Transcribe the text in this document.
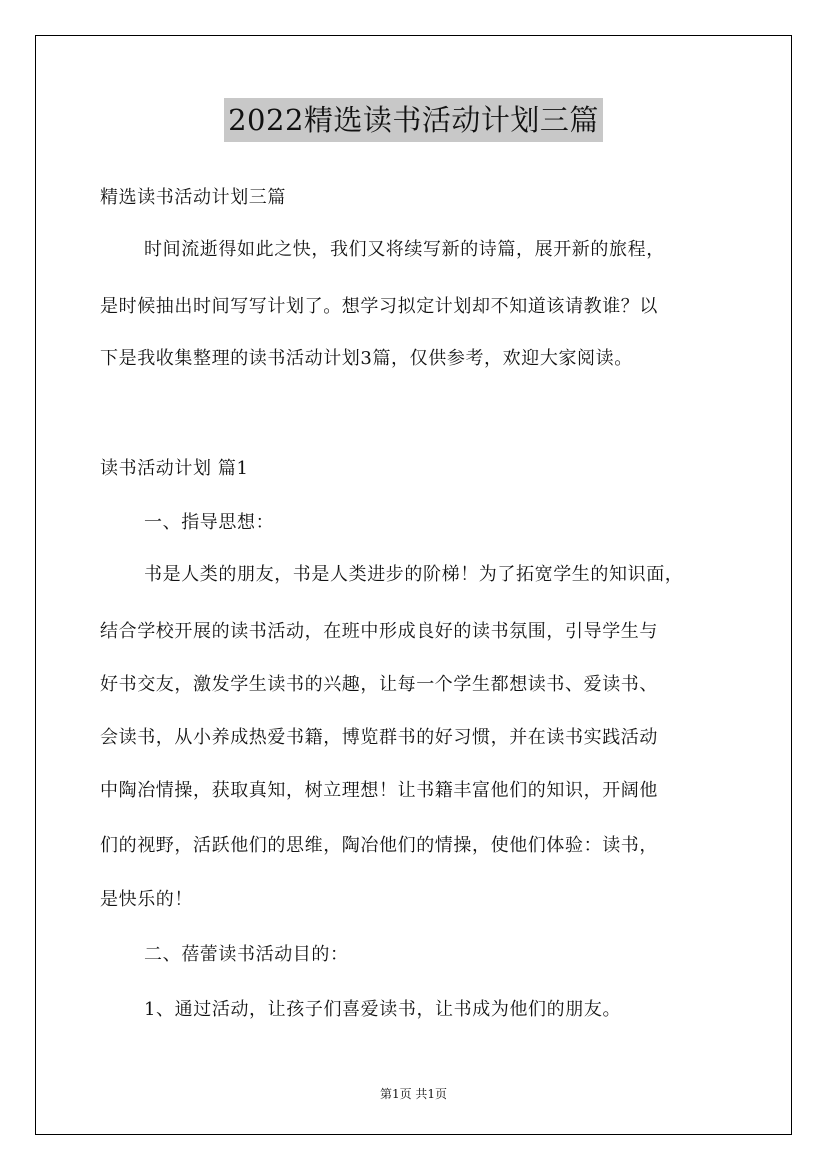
2022精选读书活动计划三篇
精选读书活动计划三篇
时间流逝得如此之快，我们又将续写新的诗篇，展开新的旅程，
是时候抽出时间写写计划了。想学习拟定计划却不知道该请教谁？以
下是我收集整理的读书活动计划3篇，仅供参考，欢迎大家阅读。
读书活动计划 篇1
一、指导思想：
书是人类的朋友，书是人类进步的阶梯！为了拓宽学生的知识面，
结合学校开展的读书活动，在班中形成良好的读书氛围，引导学生与
好书交友，激发学生读书的兴趣，让每一个学生都想读书、爱读书、
会读书，从小养成热爱书籍，博览群书的好习惯，并在读书实践活动
中陶冶情操，获取真知，树立理想！让书籍丰富他们的知识，开阔他
们的视野，活跃他们的思维，陶冶他们的情操，使他们体验：读书，
是快乐的！
二、蓓蕾读书活动目的：
1、通过活动，让孩子们喜爱读书，让书成为他们的朋友。
第1页 共1页
